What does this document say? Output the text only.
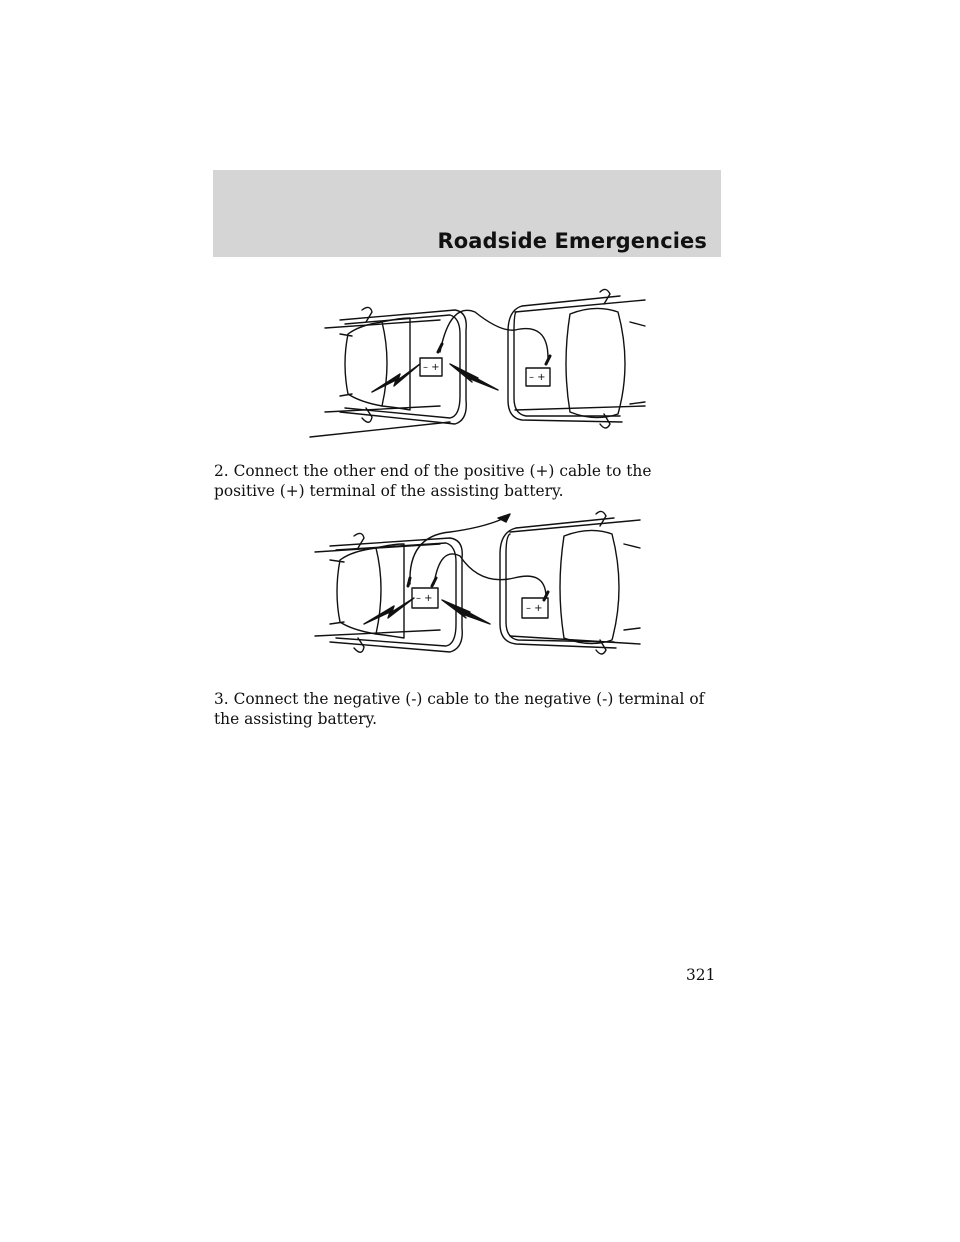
Roadside Emergencies
– +
– +
2. Connect the other end of the positive (+) cable to the positive (+) terminal of the assisting battery.
– +
– +
3. Connect the negative (-) cable to the negative (-) terminal of the assisting battery.
321
